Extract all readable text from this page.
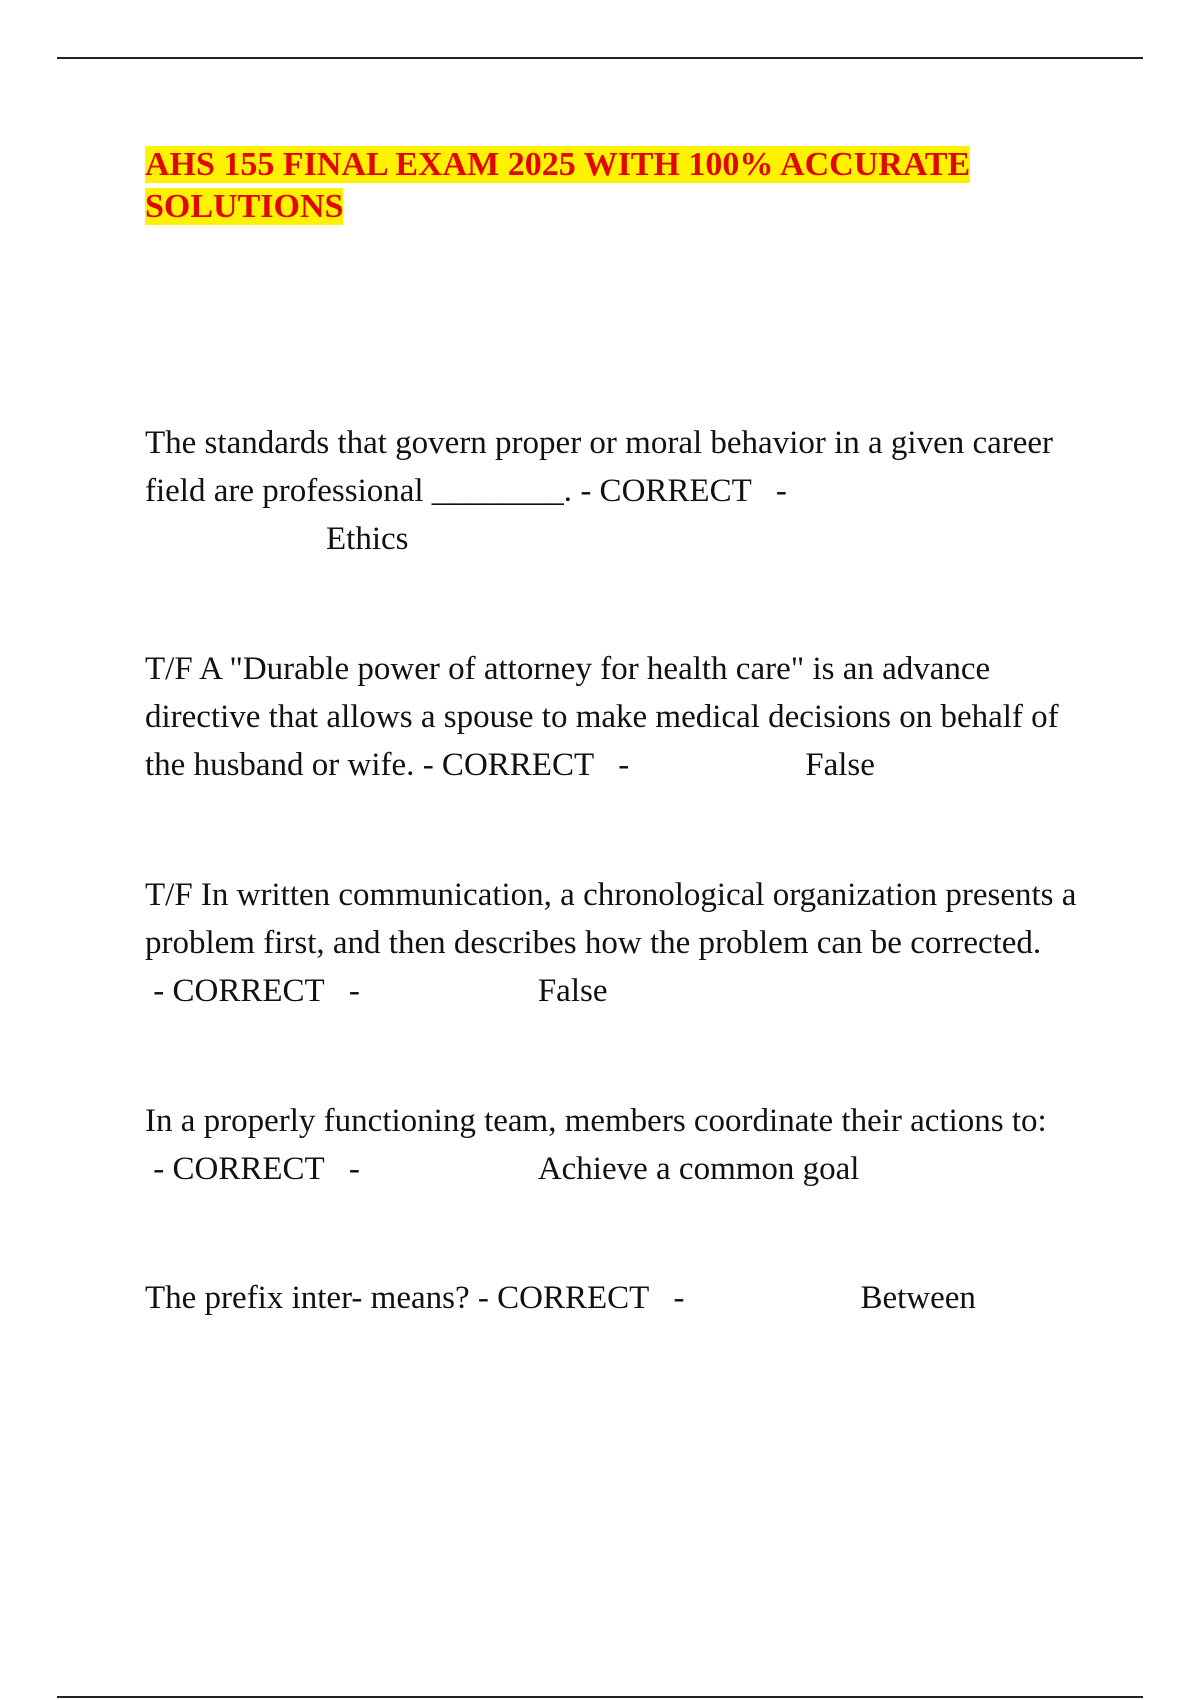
AHS 155 FINAL EXAM 2025 WITH 100% ACCURATE SOLUTIONS

The standards that govern proper or moral behavior in a given career field are professional ________. - CORRECT   -
Ethics

T/F A "Durable power of attorney for health care" is an advance directive that allows a spouse to make medical decisions on behalf of the husband or wife. - CORRECT   -	False

T/F In written communication, a chronological organization presents a problem first, and then describes how the problem can be corrected. - CORRECT   -	False

In a properly functioning team, members coordinate their actions to: - CORRECT   -	Achieve a common goal

The prefix inter- means? - CORRECT   -	Between
